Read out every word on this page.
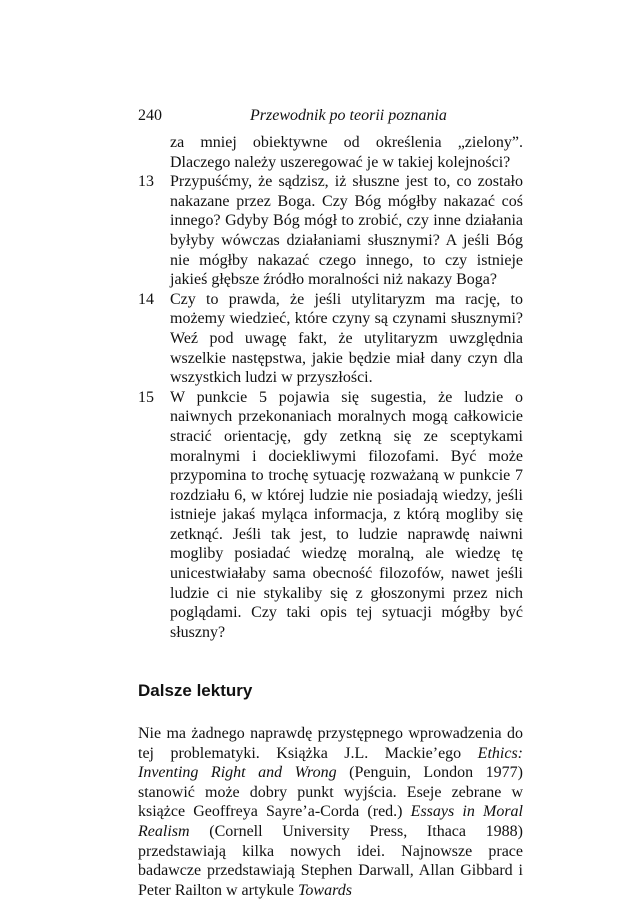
240	Przewodnik po teorii poznania

za mniej obiektywne od określenia „zielony”. Dlaczego należy uszeregować je w takiej kolejności?

13	Przypuśćmy, że sądzisz, iż słuszne jest to, co zostało nakazane przez Boga. Czy Bóg mógłby nakazać coś innego? Gdyby Bóg mógł to zrobić, czy inne działania byłyby wówczas działaniami słusznymi? A jeśli Bóg nie mógłby nakazać czego innego, to czy istnieje jakieś głębsze źródło moralności niż nakazy Boga?
14	Czy to prawda, że jeśli utylitaryzm ma rację, to możemy wiedzieć, które czyny są czynami słusznymi? Weź pod uwagę fakt, że utylitaryzm uwzględnia wszelkie następstwa, jakie będzie miał dany czyn dla wszystkich ludzi w przyszłości.
15	W punkcie 5 pojawia się sugestia, że ludzie o naiwnych przekonaniach moralnych mogą całkowicie stracić orientację, gdy zetkną się ze sceptykami moralnymi i dociekliwymi filozofami. Być może przypomina to trochę sytuację rozważaną w punkcie 7 rozdziału 6, w której ludzie nie posiadają wiedzy, jeśli istnieje jakaś myląca informacja, z którą mogliby się zetknąć. Jeśli tak jest, to ludzie naprawdę naiwni mogliby posiadać wiedzę moralną, ale wiedzę tę unicestwiałaby sama obecność filozofów, nawet jeśli ludzie ci nie stykaliby się z głoszonymi przez nich poglądami. Czy taki opis tej sytuacji mógłby być słuszny?
Dalsze lektury

Nie ma żadnego naprawdę przystępnego wprowadzenia do tej problematyki. Książka J.L. Mackie’ego Ethics: Inventing Right and Wrong (Penguin, London 1977) stanowić może dobry punkt wyjścia. Eseje zebrane w książce Geoffreya Sayre’a-Corda (red.) Essays in Moral Realism (Cornell University Press, Ithaca 1988) przedstawiają kilka nowych idei. Najnowsze prace badawcze przedstawiają Stephen Darwall, Allan Gibbard i Peter Railton w artykule Towards
